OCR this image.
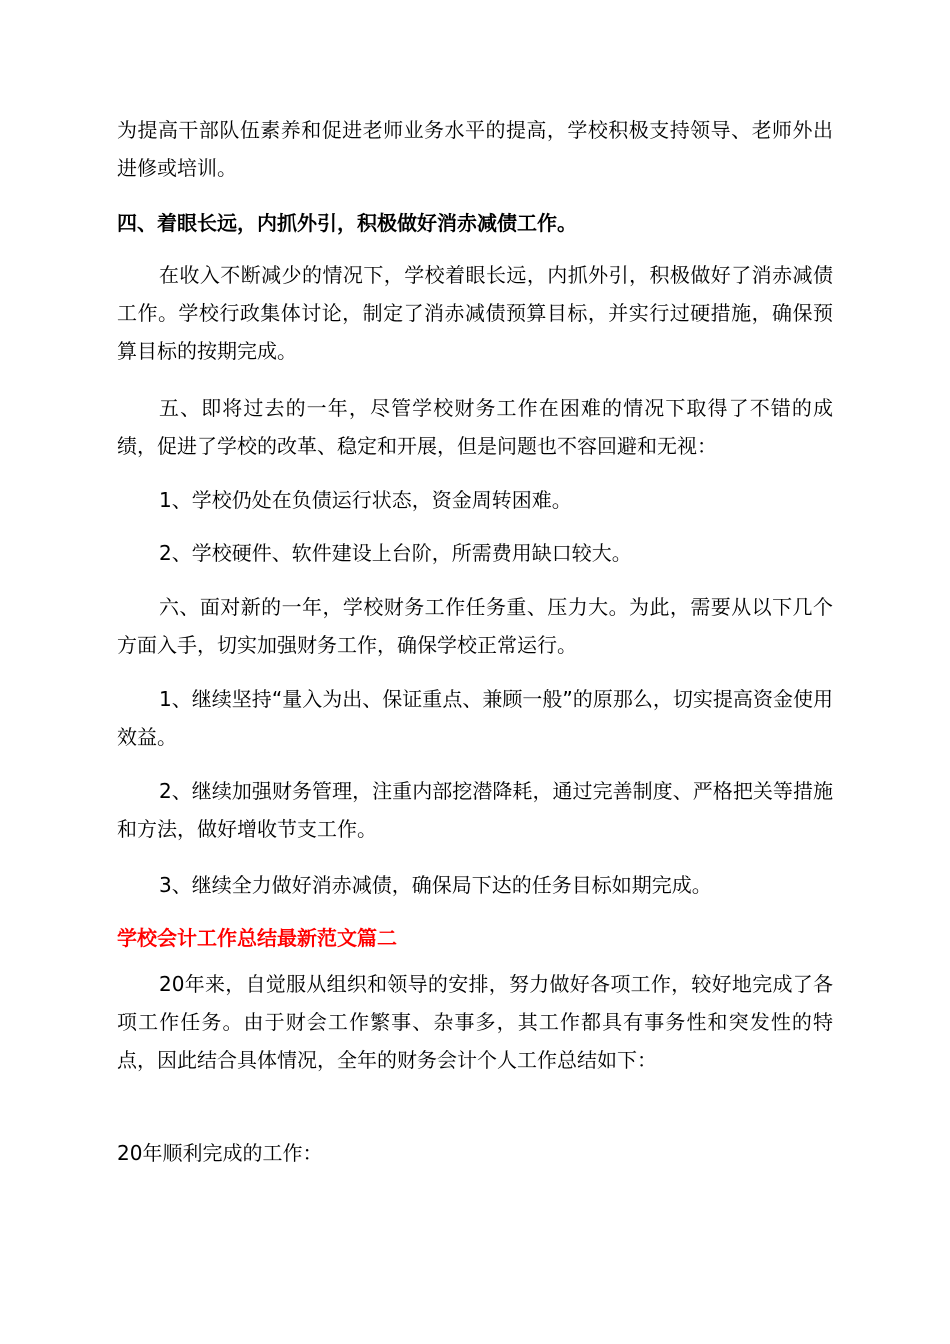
为提高干部队伍素养和促进老师业务水平的提高，学校积极支持领导、老师外出进修或培训。

四、着眼长远，内抓外引，积极做好消赤减债工作。

在收入不断减少的情况下，学校着眼长远，内抓外引，积极做好了消赤减债工作。学校行政集体讨论，制定了消赤减债预算目标，并实行过硬措施，确保预算目标的按期完成。

五、即将过去的一年，尽管学校财务工作在困难的情况下取得了不错的成绩，促进了学校的改革、稳定和开展，但是问题也不容回避和无视：

1、学校仍处在负债运行状态，资金周转困难。

2、学校硬件、软件建设上台阶，所需费用缺口较大。

六、面对新的一年，学校财务工作任务重、压力大。为此，需要从以下几个方面入手，切实加强财务工作，确保学校正常运行。

1、继续坚持“量入为出、保证重点、兼顾一般”的原那么，切实提高资金使用效益。

2、继续加强财务管理，注重内部挖潜降耗，通过完善制度、严格把关等措施和方法，做好增收节支工作。

3、继续全力做好消赤减债，确保局下达的任务目标如期完成。

学校会计工作总结最新范文篇二

20年来，自觉服从组织和领导的安排，努力做好各项工作，较好地完成了各项工作任务。由于财会工作繁事、杂事多，其工作都具有事务性和突发性的特点，因此结合具体情况，全年的财务会计个人工作总结如下：

20年顺利完成的工作：
